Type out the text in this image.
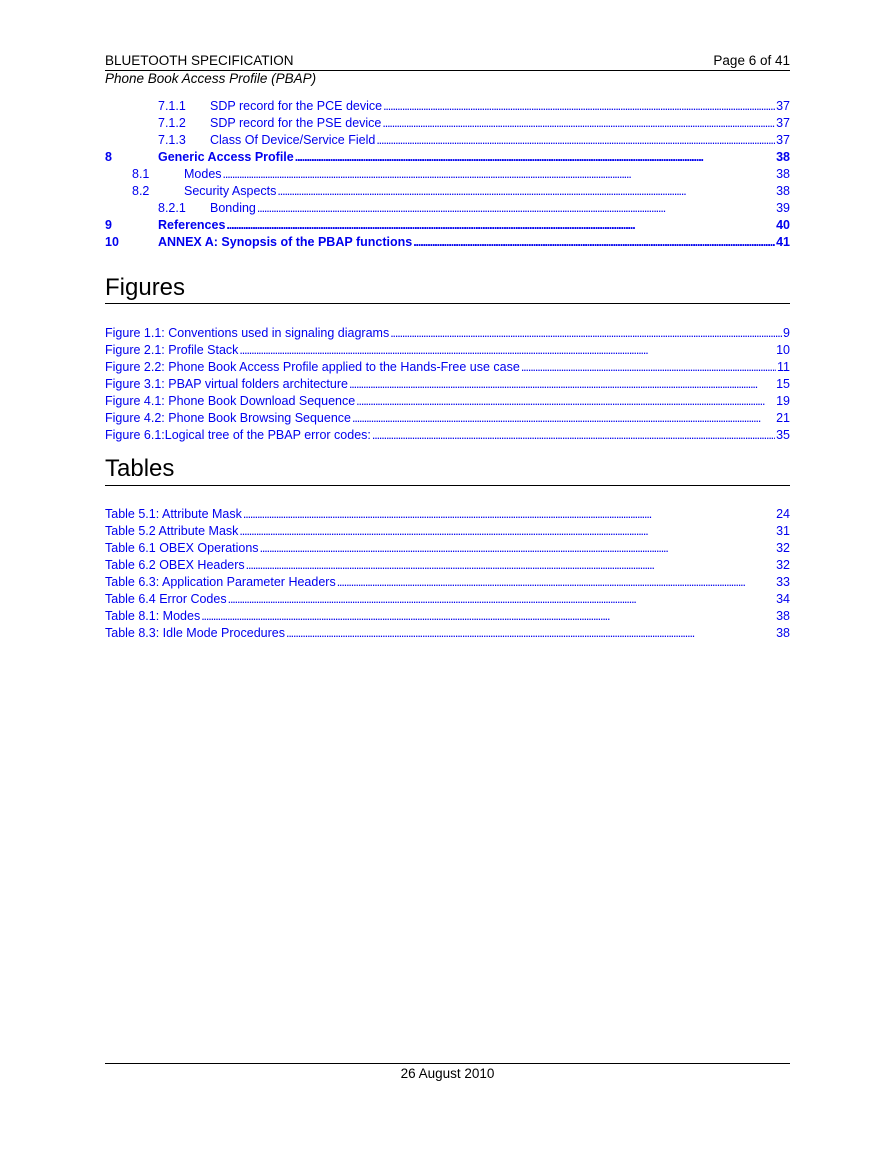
BLUETOOTH SPECIFICATION	Page 6 of 41
Phone Book Access Profile (PBAP)
7.1.1 SDP record for the PCE device . . .	37
7.1.2 SDP record for the PSE device . . .	37
7.1.3 Class Of Device/Service Field . . .	37
8	Generic Access Profile . . .	38
8.1	Modes . . .	38
8.2	Security Aspects . . .	38
8.2.1 Bonding . . .	39
9	References . . .	40
10	ANNEX A: Synopsis of the PBAP functions . . .	41
Figures
Figure 1.1: Conventions used in signaling diagrams . . .	9
Figure 2.1: Profile Stack . . .	10
Figure 2.2: Phone Book Access Profile applied to the Hands-Free use case . . .	11
Figure 3.1: PBAP virtual folders architecture . . .	15
Figure 4.1: Phone Book Download Sequence . . .	19
Figure 4.2: Phone Book Browsing Sequence . . .	21
Figure 6.1:Logical tree of the PBAP error codes: . . .	35
Tables
Table 5.1: Attribute Mask . . .	24
Table 5.2 Attribute Mask . . .	31
Table 6.1 OBEX Operations . . .	32
Table 6.2 OBEX Headers . . .	32
Table 6.3: Application Parameter Headers . . .	33
Table 6.4 Error Codes . . .	34
Table 8.1: Modes . . .	38
Table 8.3: Idle Mode Procedures . . .	38
26 August 2010
